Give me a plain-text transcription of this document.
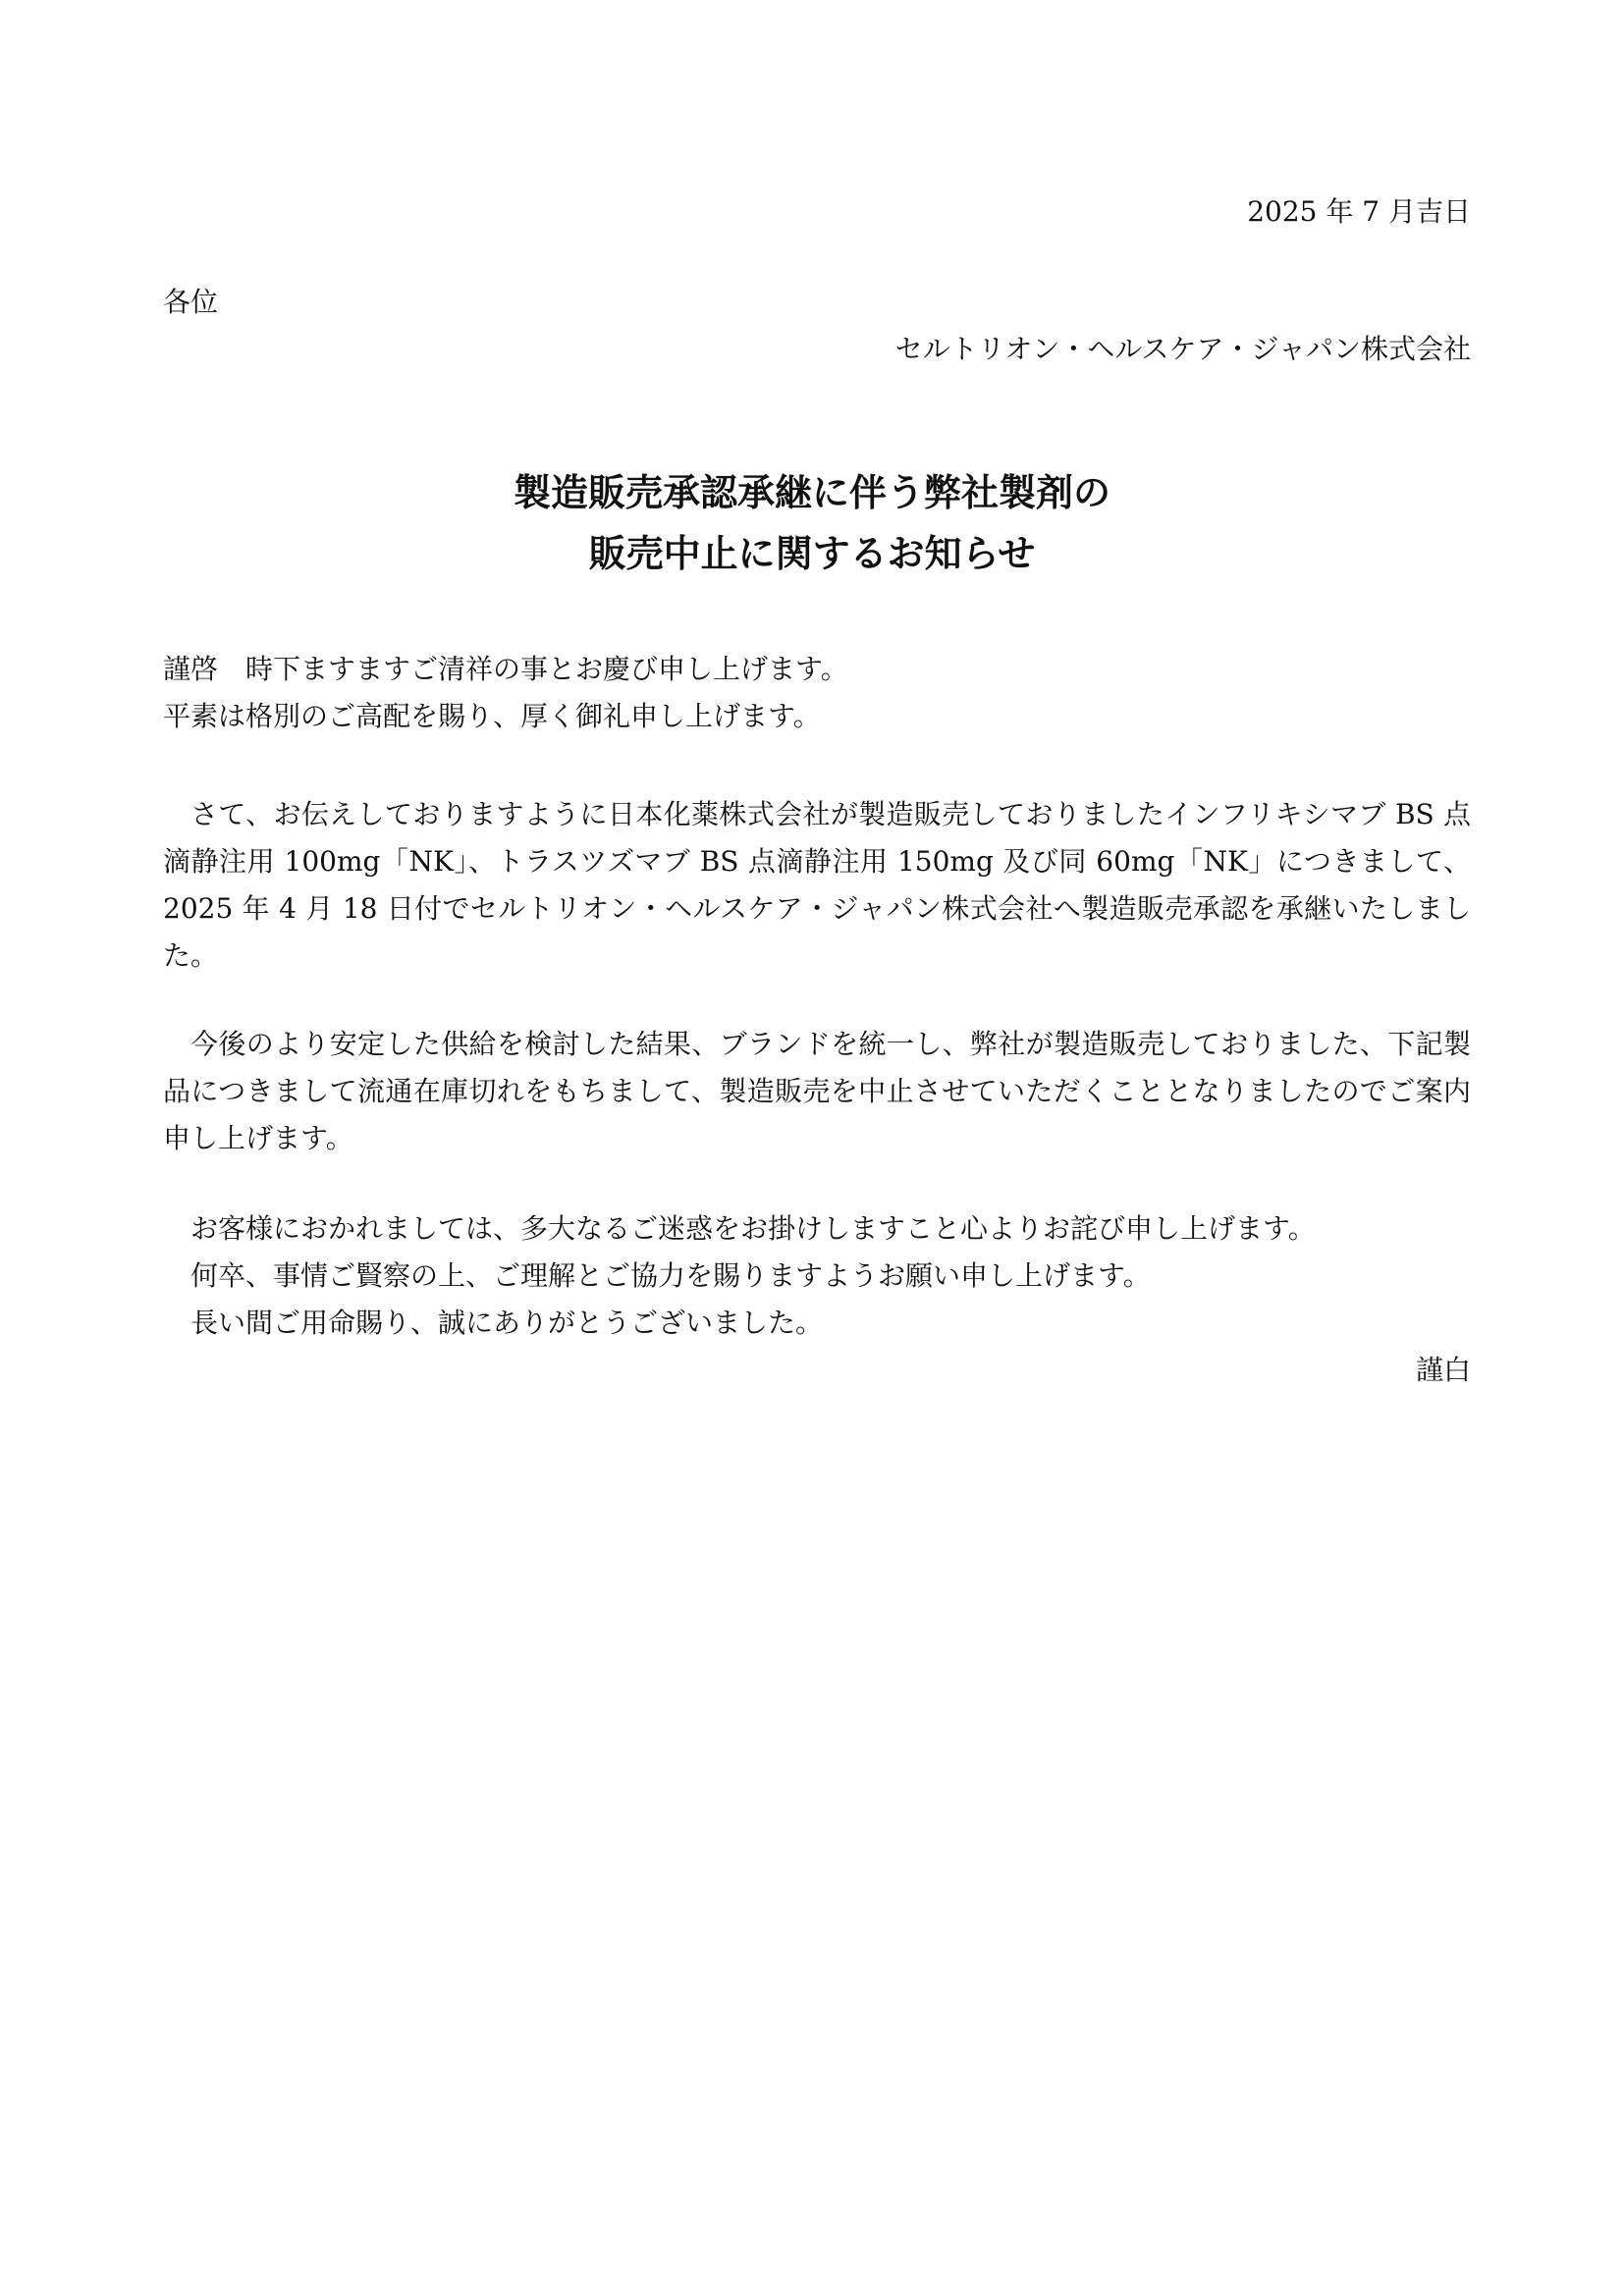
2025 年 7 月吉日
各位
セルトリオン・ヘルスケア・ジャパン株式会社
製造販売承認承継に伴う弊社製剤の
販売中止に関するお知らせ
謹啓　時下ますますご清祥の事とお慶び申し上げます。
平素は格別のご高配を賜り、厚く御礼申し上げます。
さて、お伝えしておりますように日本化薬株式会社が製造販売しておりましたインフリキシマブ BS 点滴静注用 100mg「NK」、トラスツズマブ BS 点滴静注用 150mg 及び同 60mg「NK」につきまして、2025 年 4 月 18 日付でセルトリオン・ヘルスケア・ジャパン株式会社へ製造販売承認を承継いたしました。
今後のより安定した供給を検討した結果、ブランドを統一し、弊社が製造販売しておりました、下記製品につきまして流通在庫切れをもちまして、製造販売を中止させていただくこととなりましたのでご案内申し上げます。
お客様におかれましては、多大なるご迷惑をお掛けしますこと心よりお詫び申し上げます。
何卒、事情ご賢察の上、ご理解とご協力を賜りますようお願い申し上げます。
長い間ご用命賜り、誠にありがとうございました。
謹白
